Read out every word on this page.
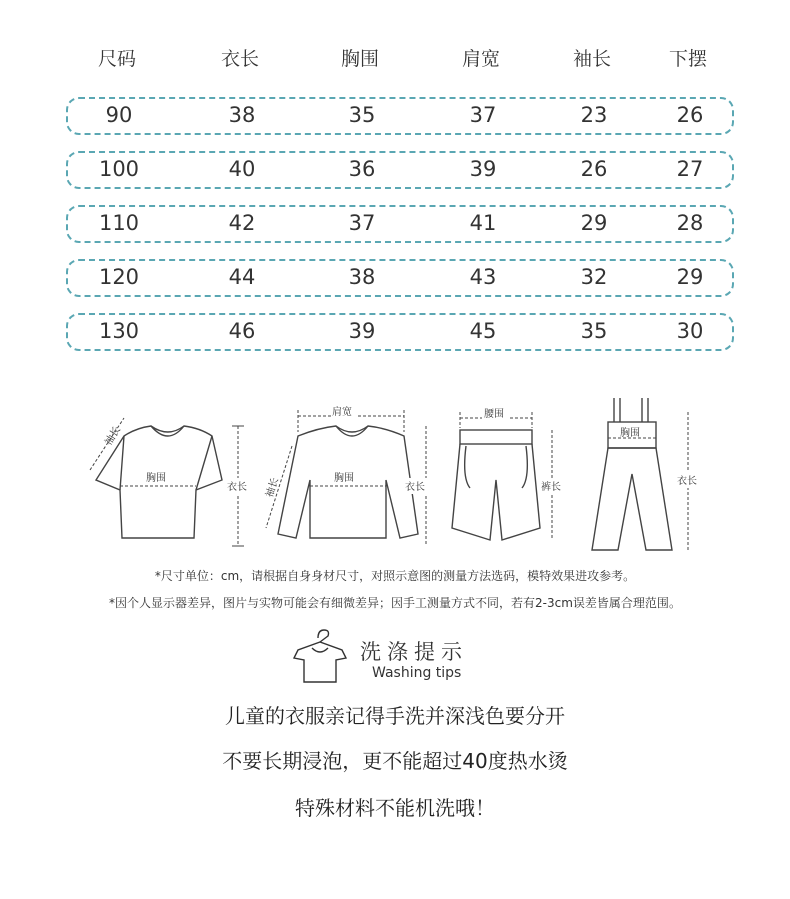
尺码	衣长	胸围	肩宽	袖长	下摆
90	38	35	37	23	26
100	40	36	39	26	27
110	42	37	41	29	28
120	44	38	43	32	29
130	46	39	45	35	30
袖长
胸围
衣长
肩宽
胸围
袖长	衣长
腰围
裤长
胸围
衣长
*尺寸单位：cm，请根据自身身材尺寸，对照示意图的测量方法选码，模特效果进攻参考。
*因个人显示器差异，图片与实物可能会有细微差异；因手工测量方式不同，若有2-3cm误差皆属合理范围。
洗涤提示
Washing tips
儿童的衣服亲记得手洗并深浅色要分开
不要长期浸泡，更不能超过40度热水烫
特殊材料不能机洗哦！
